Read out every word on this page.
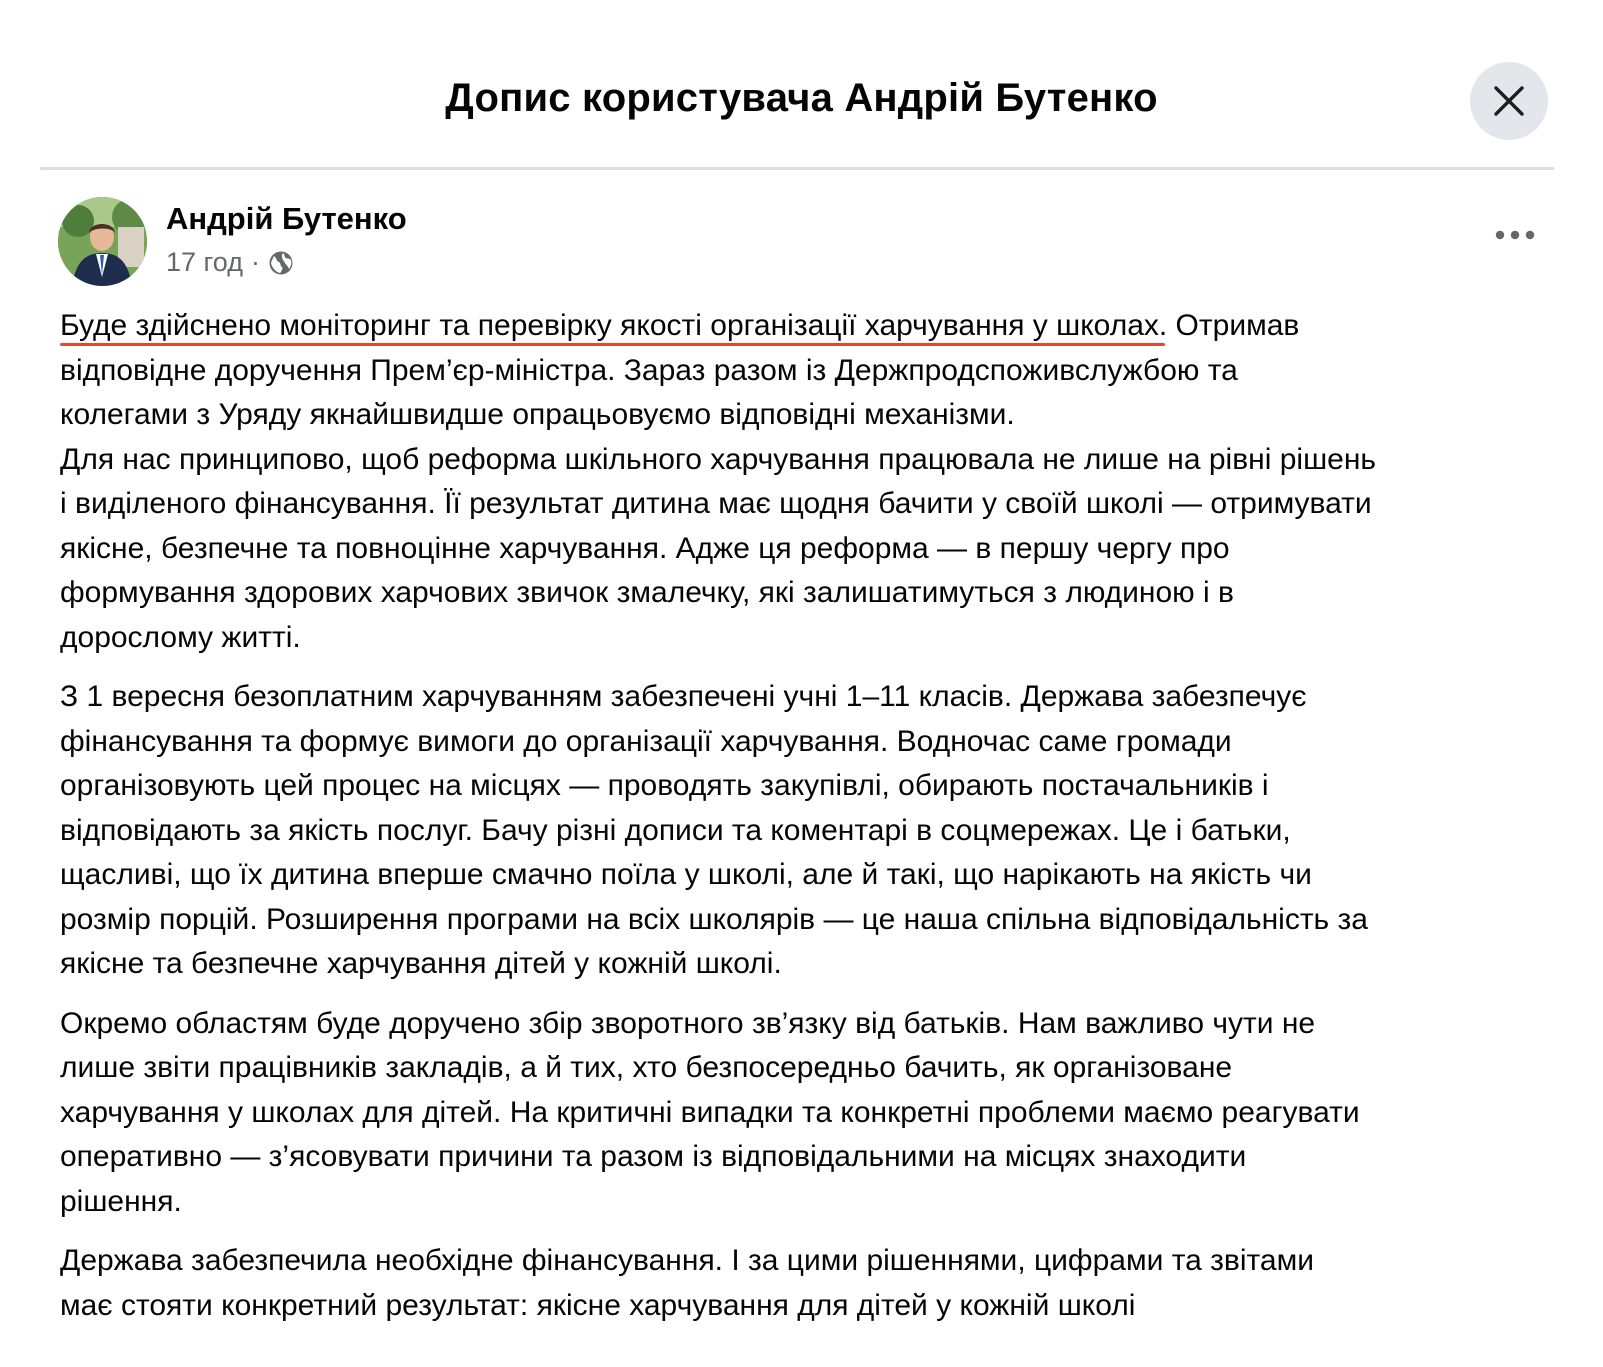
Допис користувача Андрій Бутенко
Андрій Бутенко
17 год ·

Буде здійснено моніторинг та перевірку якості організації харчування у школах
. Отримав

відповідне доручення Прем’єр-міністра. Зараз разом із Держпродспоживслужбою та

колегами з Уряду якнайшвидше опрацьовуємо відповідні механізми.

Для нас принципово, щоб реформа шкільного харчування працювала не лише на рівні рішень

і виділеного фінансування. Її результат дитина має щодня бачити у своїй школі — отримувати

якісне, безпечне та повноцінне харчування. Адже ця реформа — в першу чергу про

формування здорових харчових звичок змалечку, які залишатимуться з людиною і в

дорослому житті.

З 1 вересня безоплатним харчуванням забезпечені учні 1–11 класів. Держава забезпечує

фінансування та формує вимоги до організації харчування. Водночас саме громади

організовують цей процес на місцях — проводять закупівлі, обирають постачальників і

відповідають за якість послуг. Бачу різні дописи та коментарі в соцмережах. Це і батьки,

щасливі, що їх дитина вперше смачно поїла у школі, але й такі, що нарікають на якість чи

розмір порцій. Розширення програми на всіх школярів — це наша спільна відповідальність за

якісне та безпечне харчування дітей у кожній школі.

Окремо областям буде доручено збір зворотного зв’язку від батьків. Нам важливо чути не

лише звіти працівників закладів, а й тих, хто безпосередньо бачить, як організоване

харчування у школах для дітей. На критичні випадки та конкретні проблеми маємо реагувати

оперативно — з’ясовувати причини та разом із відповідальними на місцях знаходити

рішення.

Держава забезпечила необхідне фінансування. І за цими рішеннями, цифрами та звітами

має стояти конкретний результат: якісне харчування для дітей у кожній школі
